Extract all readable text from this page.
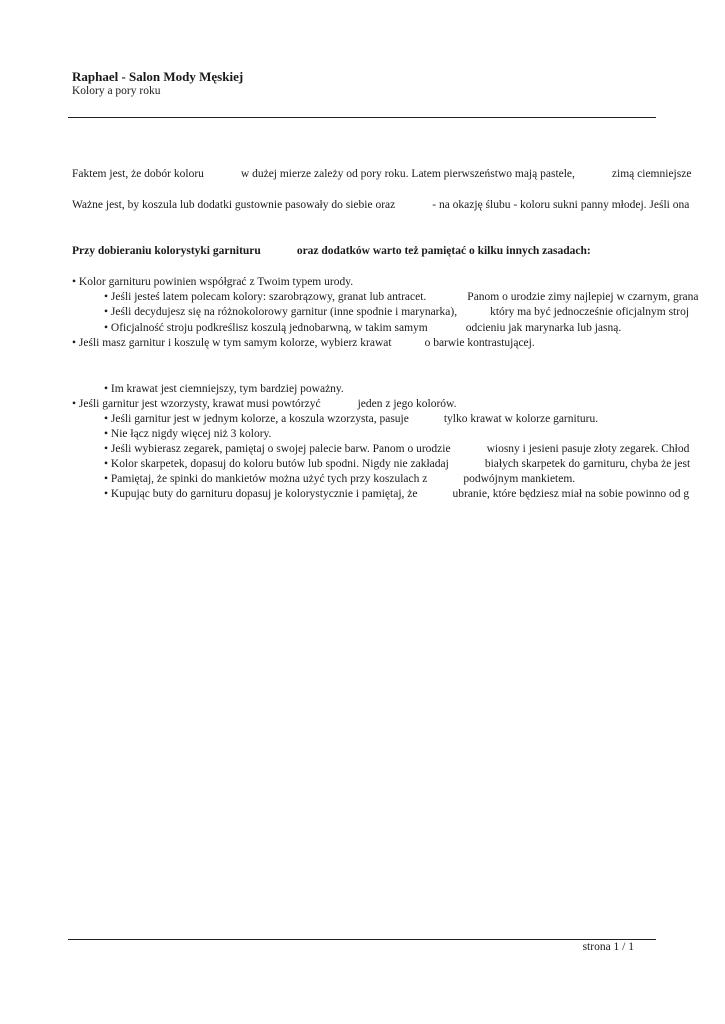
Raphael - Salon Mody Męskiej
Kolory a pory roku
Faktem jest, że dobór koloru	w dużej mierze zależy od pory roku. Latem pierwszeństwo mają pastele,	zimą ciemniejsze
Ważne jest, by koszula lub dodatki gustownie pasowały do siebie oraz	- na okazję ślubu - koloru sukni panny młodej. Jeśli ona
Przy dobieraniu kolorystyki garnituru	oraz dodatków warto też pamiętać o kilku innych zasadach:
• Kolor garnituru powinien współgrać z Twoim typem urody.
• Jeśli jesteś latem polecam kolory: szarobrązowy, granat lub antracet.	Panom o urodzie zimy najlepiej w czarnym, grana
• Jeśli decydujesz się na różnokolorowy garnitur (inne spodnie i marynarka),	który ma być jednocześnie oficjalnym stroj
• Oficjalność stroju podkreślisz koszulą jednobarwną, w takim samym	odcieniu jak marynarka lub jasną.
• Jeśli masz garnitur i koszulę w tym samym kolorze, wybierz krawat	o barwie kontrastującej.
• Im krawat jest ciemniejszy, tym bardziej poważny.
• Jeśli garnitur jest wzorzysty, krawat musi powtórzyć	jeden z jego kolorów.
• Jeśli garnitur jest w jednym kolorze, a koszula wzorzysta, pasuje	tylko krawat w kolorze garnituru.
• Nie łącz nigdy więcej niż 3 kolory.
• Jeśli wybierasz zegarek, pamiętaj o swojej palecie barw. Panom o urodzie	wiosny i jesieni pasuje złoty zegarek. Chłod
• Kolor skarpetek, dopasuj do koloru butów lub spodni. Nigdy nie zakładaj	białych skarpetek do garnituru, chyba że jest
• Pamiętaj, że spinki do mankietów można użyć tych przy koszulach z	podwójnym mankietem.
• Kupując buty do garnituru dopasuj je kolorystycznie i pamiętaj, że	ubranie, które będziesz miał na sobie powinno od g
strona 1 / 1
